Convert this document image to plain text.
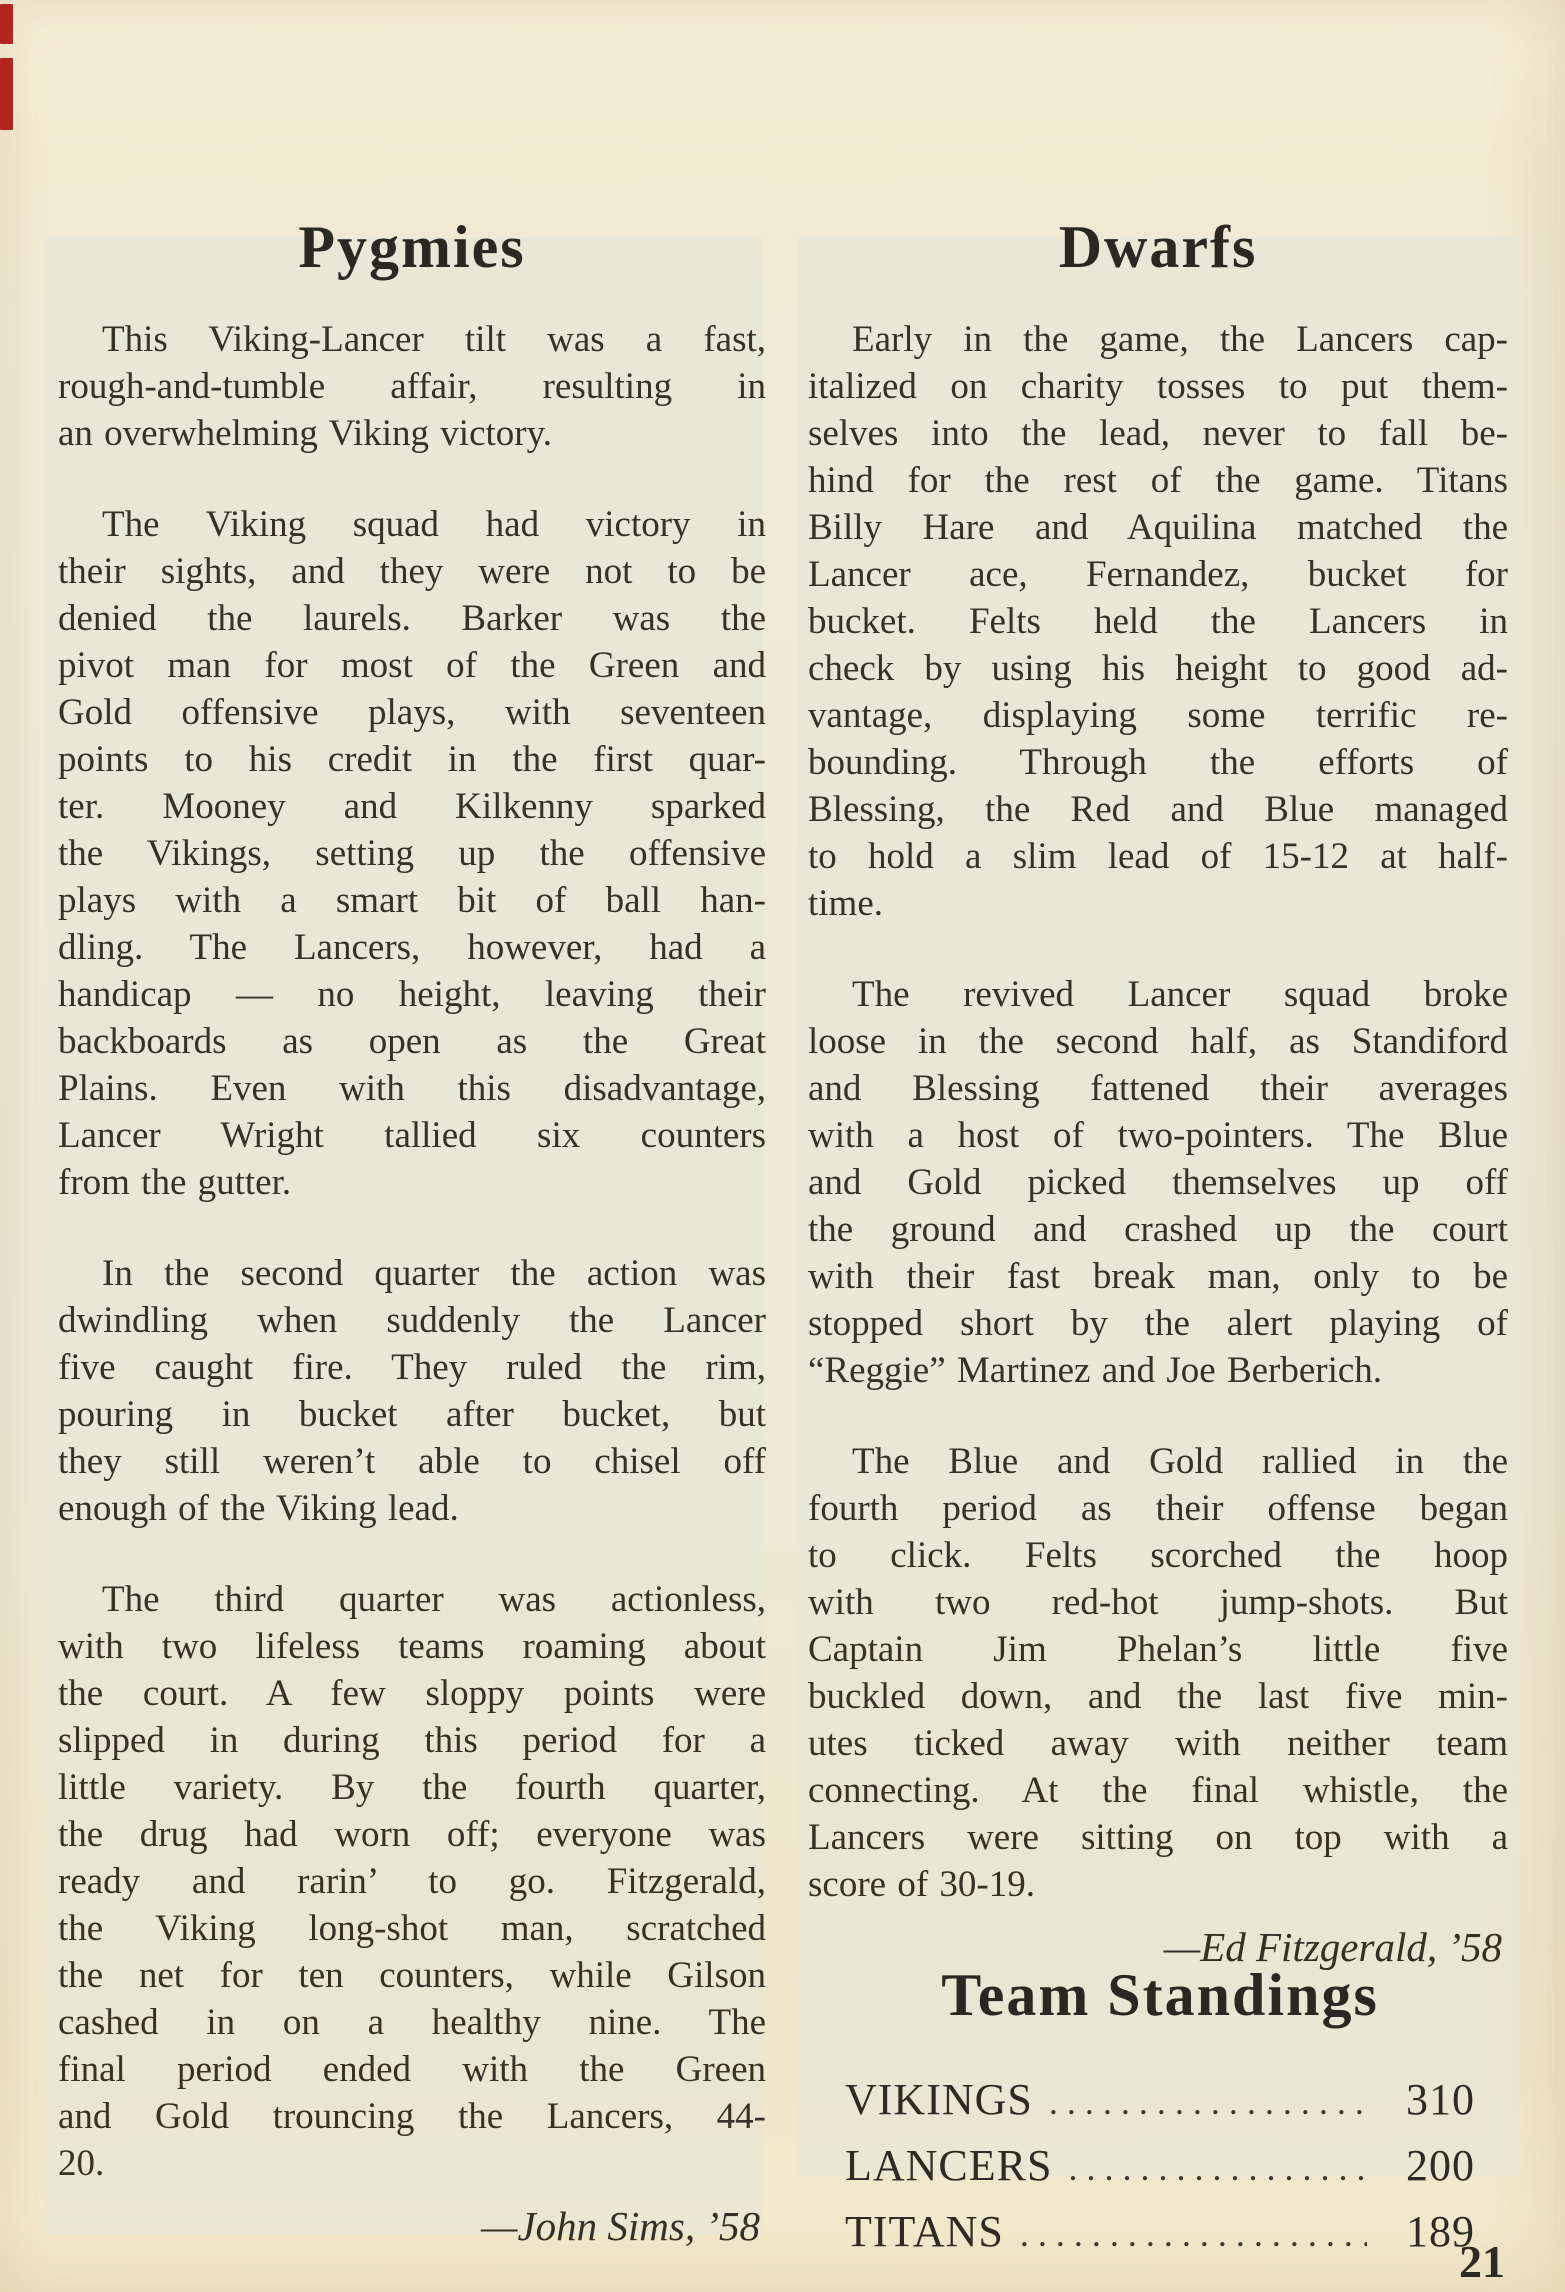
Pygmies
This Viking-Lancer tilt was a fast,
rough-and-tumble affair, resulting in
an overwhelming Viking victory.
The Viking squad had victory in
their sights, and they were not to be
denied the laurels. Barker was the
pivot man for most of the Green and
Gold offensive plays, with seventeen
points to his credit in the first quar-
ter. Mooney and Kilkenny sparked
the Vikings, setting up the offensive
plays with a smart bit of ball han-
dling. The Lancers, however, had a
handicap — no height, leaving their
backboards as open as the Great
Plains. Even with this disadvantage,
Lancer Wright tallied six counters
from the gutter.
In the second quarter the action was
dwindling when suddenly the Lancer
five caught fire. They ruled the rim,
pouring in bucket after bucket, but
they still weren’t able to chisel off
enough of the Viking lead.
The third quarter was actionless,
with two lifeless teams roaming about
the court. A few sloppy points were
slipped in during this period for a
little variety. By the fourth quarter,
the drug had worn off; everyone was
ready and rarin’ to go. Fitzgerald,
the Viking long-shot man, scratched
the net for ten counters, while Gilson
cashed in on a healthy nine. The
final period ended with the Green
and Gold trouncing the Lancers, 44-
20.
—John Sims, ’58
Dwarfs
Early in the game, the Lancers cap-
italized on charity tosses to put them-
selves into the lead, never to fall be-
hind for the rest of the game. Titans
Billy Hare and Aquilina matched the
Lancer ace, Fernandez, bucket for
bucket. Felts held the Lancers in
check by using his height to good ad-
vantage, displaying some terrific re-
bounding. Through the efforts of
Blessing, the Red and Blue managed
to hold a slim lead of 15-12 at half-
time.
The revived Lancer squad broke
loose in the second half, as Standiford
and Blessing fattened their averages
with a host of two-pointers. The Blue
and Gold picked themselves up off
the ground and crashed up the court
with their fast break man, only to be
stopped short by the alert playing of
“Reggie” Martinez and Joe Berberich.
The Blue and Gold rallied in the
fourth period as their offense began
to click. Felts scorched the hoop
with two red-hot jump-shots. But
Captain Jim Phelan’s little five
buckled down, and the last five min-
utes ticked away with neither team
connecting. At the final whistle, the
Lancers were sitting on top with a
score of 30-19.
—Ed Fitzgerald, ’58
Team Standings
VIKINGS .....	310
LANCERS .....	200
TITANS .....	189
21
